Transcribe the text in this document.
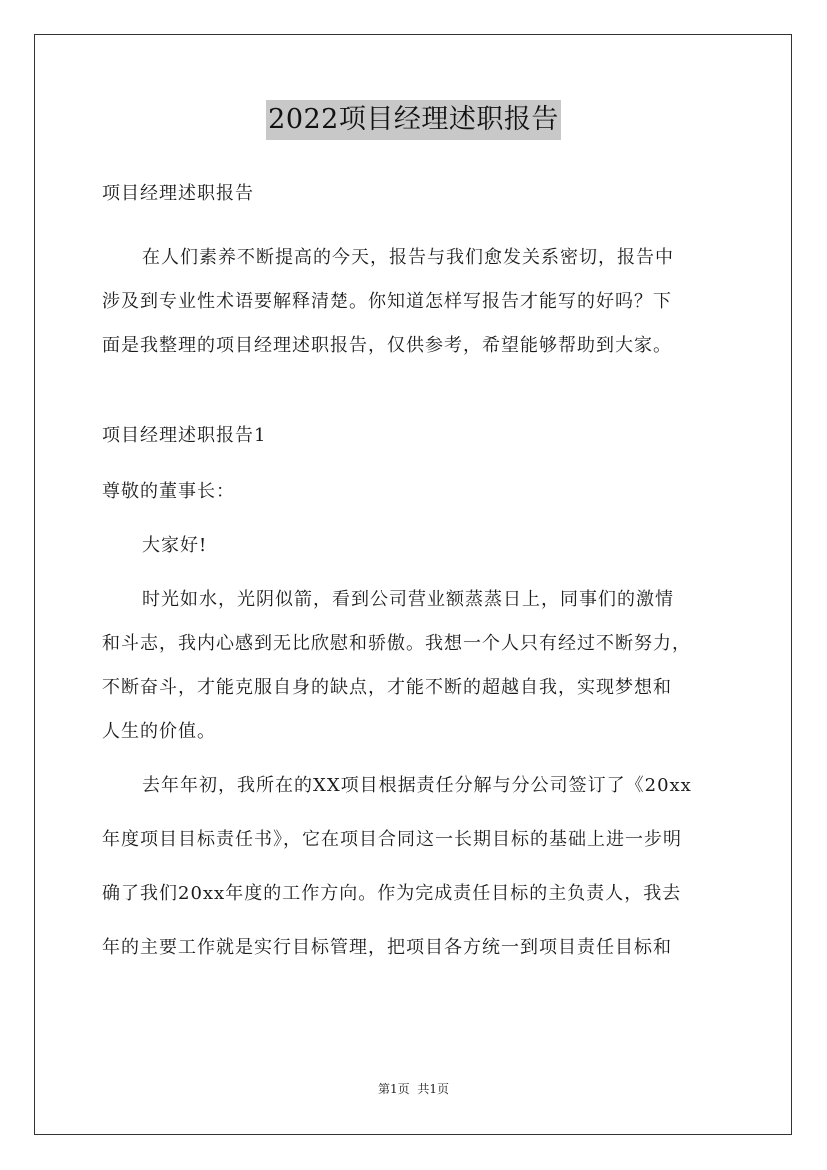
2022项目经理述职报告
项目经理述职报告
在人们素养不断提高的今天，报告与我们愈发关系密切，报告中
涉及到专业性术语要解释清楚。你知道怎样写报告才能写的好吗？下
面是我整理的项目经理述职报告，仅供参考，希望能够帮助到大家。
项目经理述职报告1
尊敬的董事长：
大家好!
时光如水，光阴似箭，看到公司营业额蒸蒸日上，同事们的激情
和斗志，我内心感到无比欣慰和骄傲。我想一个人只有经过不断努力，
不断奋斗，才能克服自身的缺点，才能不断的超越自我，实现梦想和
人生的价值。
去年年初，我所在的XX项目根据责任分解与分公司签订了《20xx
年度项目目标责任书》，它在项目合同这一长期目标的基础上进一步明
确了我们20xx年度的工作方向。作为完成责任目标的主负责人，我去
年的主要工作就是实行目标管理，把项目各方统一到项目责任目标和
第1页 共1页
